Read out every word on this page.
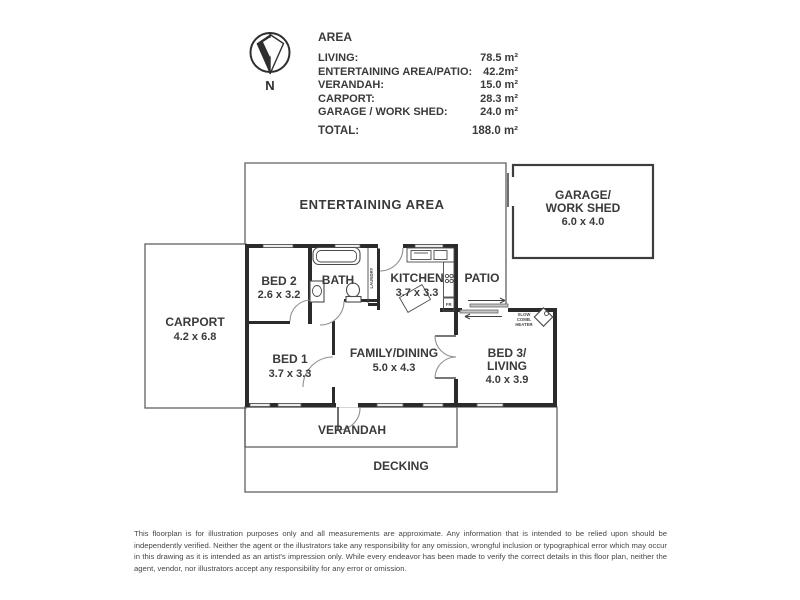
N
AREA
LIVING:	78.5 m²
ENTERTAINING AREA/PATIO: 42.2m²
VERANDAH:	15.0 m²
CARPORT:	28.3 m²
GARAGE / WORK SHED:	24.0 m²
TOTAL:	188.0 m²
ENTERTAINING AREA
GARAGE/
WORK SHED
6.0 x 4.0
CARPORT
4.2 x 6.8
BED 2
2.6 x 3.2
BATH	LAUNDRY KITCHEN
3.7 x 3.3
PATIO
BED 1
3.7 x 3.3
FAMILY/DINING
5.0 x 4.3
BED 3/
LIVING
4.0 x 3.9
VERANDAH
DECKING
FR
SLOW
COMB.
HEATER
This floorplan is for illustration purposes only and all measurements are approximate. Any information that is intended to be relied upon should be independently verified. Neither the agent or the illustrators take any responsibility for any omission, wrongful inclusion or typographical error which may occur in this drawing as it is intended as an artist's impression only. While every endeavor has been made to verify the correct details in this floor plan, neither the agent, vendor, nor illustrators accept any responsibility for any error or omission.
